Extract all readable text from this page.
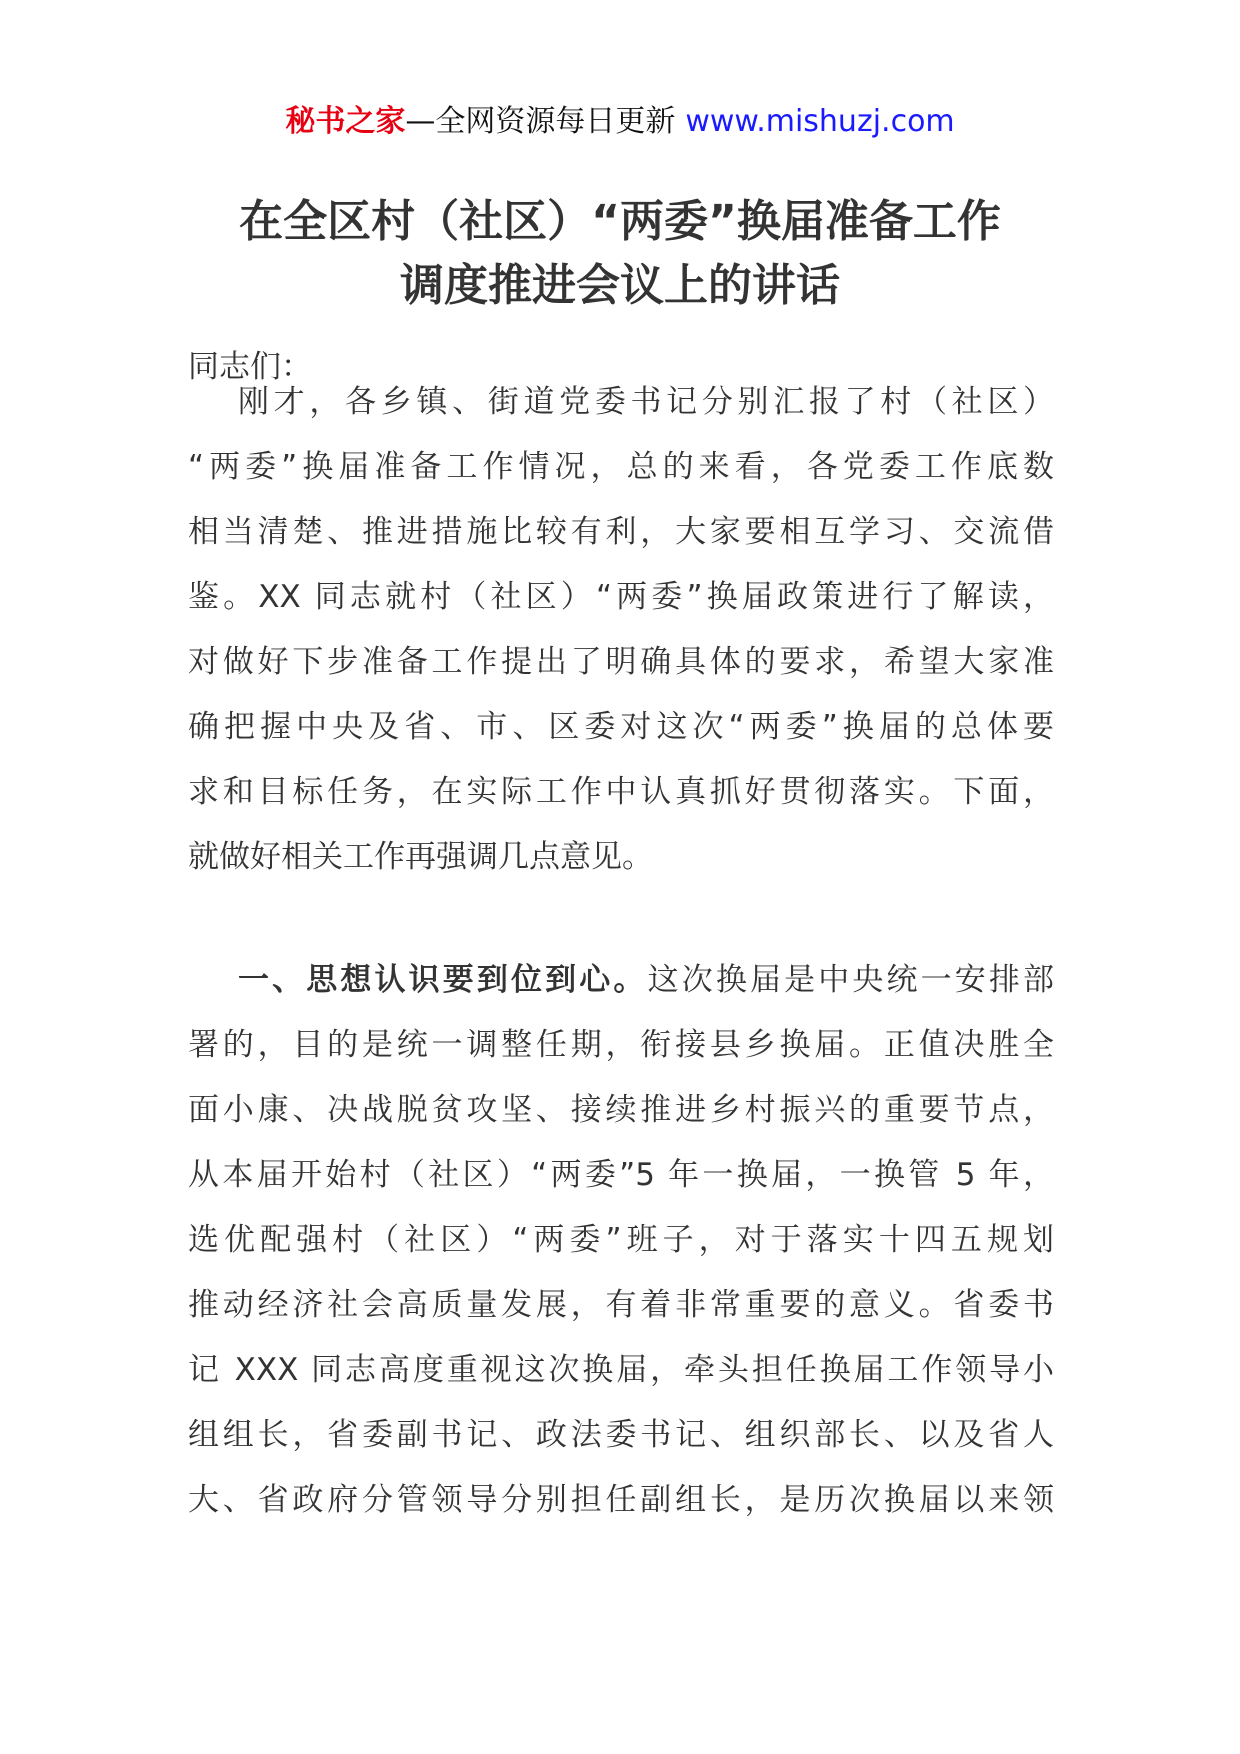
秘书之家—全网资源每日更新 www.mishuzj.com
在全区村（社区）“两委”换届准备工作
调度推进会议上的讲话
同志们：
刚才，各乡镇、街道党委书记分别汇报了村（社区）
“两委”换届准备工作情况，总的来看，各党委工作底数
相当清楚、推进措施比较有利，大家要相互学习、交流借
鉴。XX 同志就村（社区）“两委”换届政策进行了解读，
对做好下步准备工作提出了明确具体的要求，希望大家准
确把握中央及省、市、区委对这次“两委”换届的总体要
求和目标任务，在实际工作中认真抓好贯彻落实。下面，
就做好相关工作再强调几点意见。
一、思想认识要到位到心。这次换届是中央统一安排部
署的，目的是统一调整任期，衔接县乡换届。正值决胜全
面小康、决战脱贫攻坚、接续推进乡村振兴的重要节点，
从本届开始村（社区）“两委”5 年一换届，一换管 5 年，
选优配强村（社区）“两委”班子，对于落实十四五规划
推动经济社会高质量发展，有着非常重要的意义。省委书
记 XXX 同志高度重视这次换届，牵头担任换届工作领导小
组组长，省委副书记、政法委书记、组织部长、以及省人
大、省政府分管领导分别担任副组长，是历次换届以来领
